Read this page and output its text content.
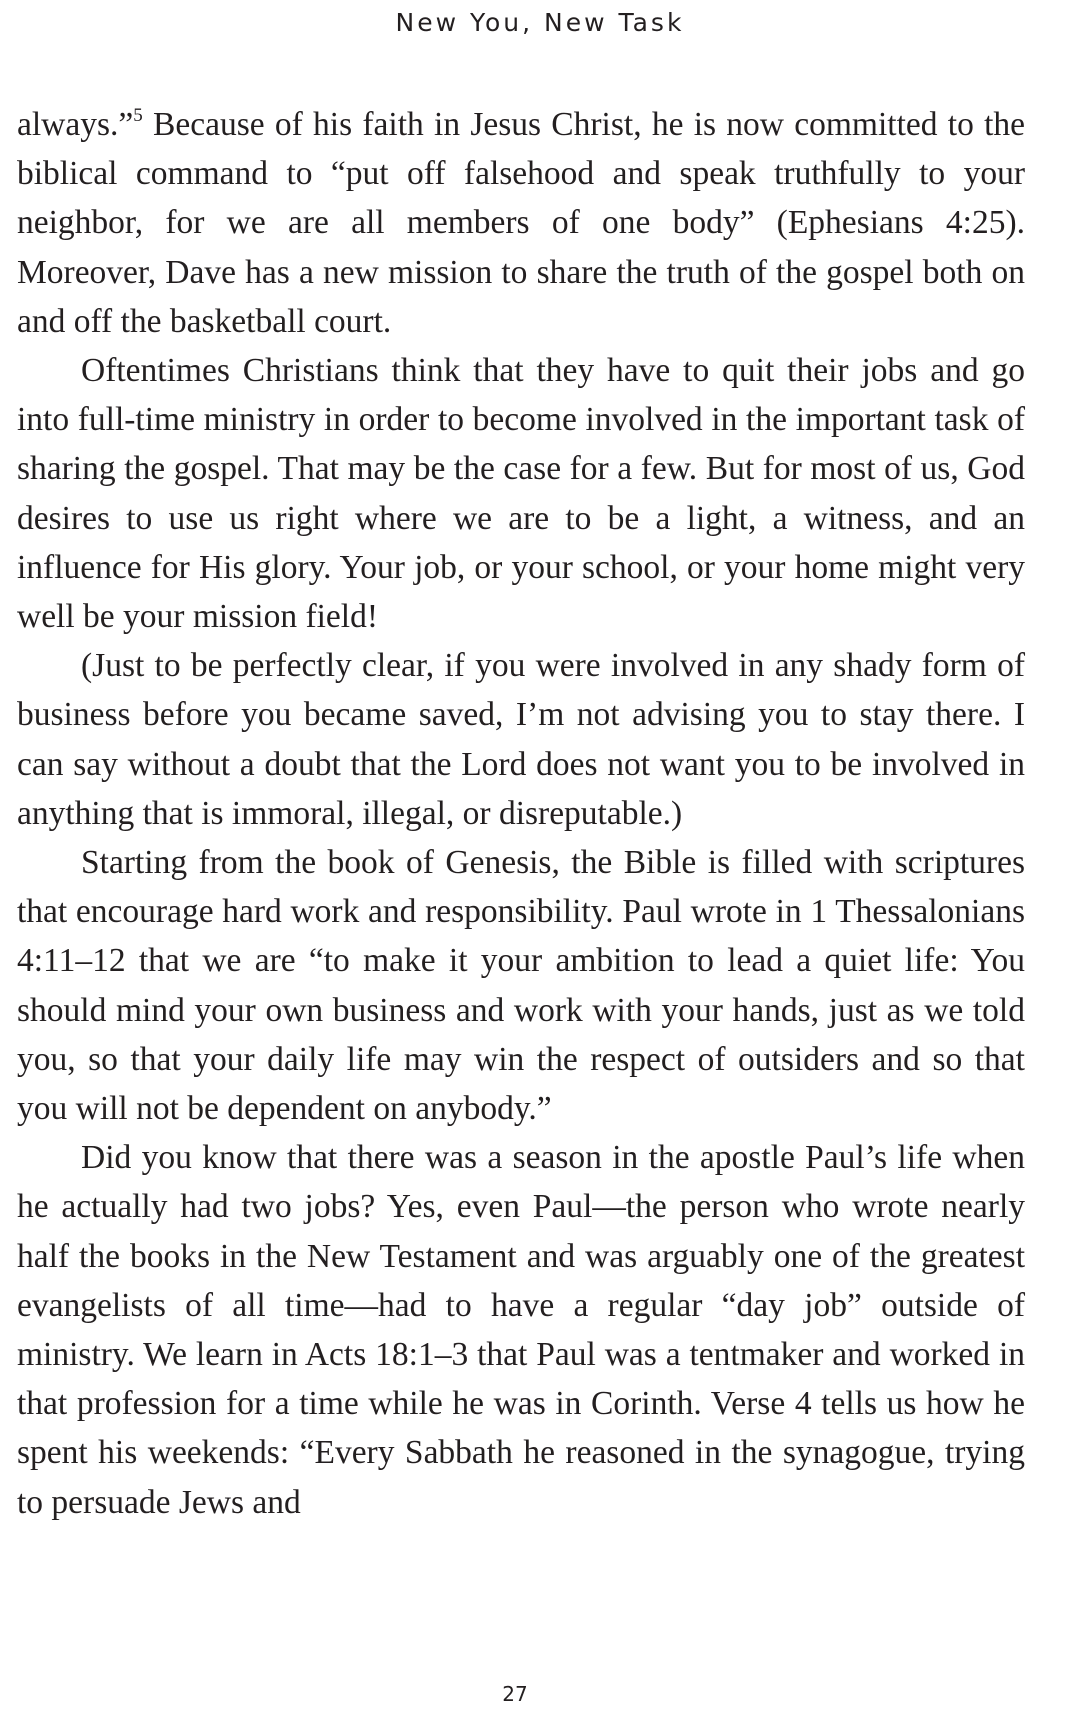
New You, New Task

always.”$^5$ Because of his faith in Jesus Christ, he is now committed to the biblical command to “put off falsehood and speak truthfully to your neighbor, for we are all members of one body” (Ephesians 4:25). Moreover, Dave has a new mission to share the truth of the gospel both on and off the basketball court.

Oftentimes Christians think that they have to quit their jobs and go into full-time ministry in order to become involved in the important task of sharing the gospel. That may be the case for a few. But for most of us, God desires to use us right where we are to be a light, a witness, and an influence for His glory. Your job, or your school, or your home might very well be your mission field!

(Just to be perfectly clear, if you were involved in any shady form of business before you became saved, I’m not advising you to stay there. I can say without a doubt that the Lord does not want you to be involved in anything that is immoral, illegal, or disreputable.)

Starting from the book of Genesis, the Bible is filled with scriptures that encourage hard work and responsibility. Paul wrote in 1 Thessalonians 4:11–12 that we are “to make it your ambition to lead a quiet life: You should mind your own business and work with your hands, just as we told you, so that your daily life may win the respect of outsiders and so that you will not be dependent on anybody.”

Did you know that there was a season in the apostle Paul’s life when he actually had two jobs? Yes, even Paul—the person who wrote nearly half the books in the New Testament and was arguably one of the greatest evangelists of all time—had to have a regular “day job” outside of ministry. We learn in Acts 18:1–3 that Paul was a tentmaker and worked in that profession for a time while he was in Corinth. Verse 4 tells us how he spent his weekends: “Every Sabbath he reasoned in the synagogue, trying to persuade Jews and

27
